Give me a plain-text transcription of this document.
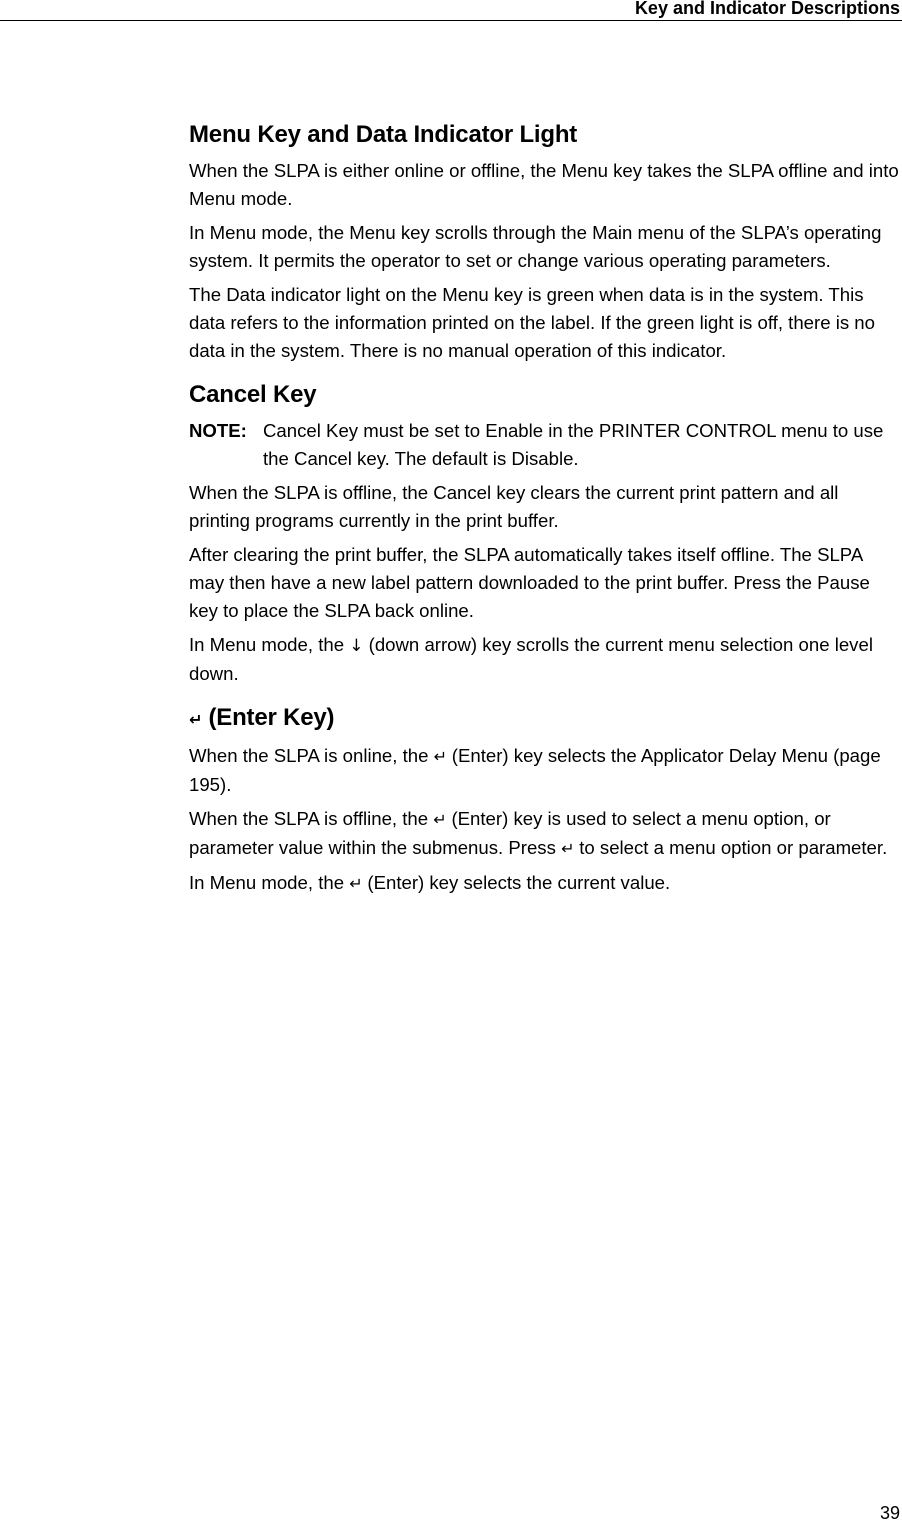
Key and Indicator Descriptions
Menu Key and Data Indicator Light

When the SLPA is either online or offline, the Menu key takes the SLPA offline and into Menu mode.

In Menu mode, the Menu key scrolls through the Main menu of the SLPA’s operating system. It permits the operator to set or change various operating parameters.

The Data indicator light on the Menu key is green when data is in the system. This data refers to the information printed on the label. If the green light is off, there is no data in the system. There is no manual operation of this indicator.

Cancel Key
NOTE: Cancel Key must be set to Enable in the PRINTER CONTROL menu to use the Cancel key. The default is Disable.

When the SLPA is offline, the Cancel key clears the current print pattern and all printing programs currently in the print buffer.

After clearing the print buffer, the SLPA automatically takes itself offline. The SLPA may then have a new label pattern downloaded to the print buffer. Press the Pause key to place the SLPA back online.

In Menu mode, the ↓ (down arrow) key scrolls the current menu selection one level down.

↵ (Enter Key)

When the SLPA is online, the ↵ (Enter) key selects the Applicator Delay Menu (page 195).

When the SLPA is offline, the ↵ (Enter) key is used to select a menu option, or parameter value within the submenus. Press ↵ to select a menu option or parameter.

In Menu mode, the ↵ (Enter) key selects the current value.

39
